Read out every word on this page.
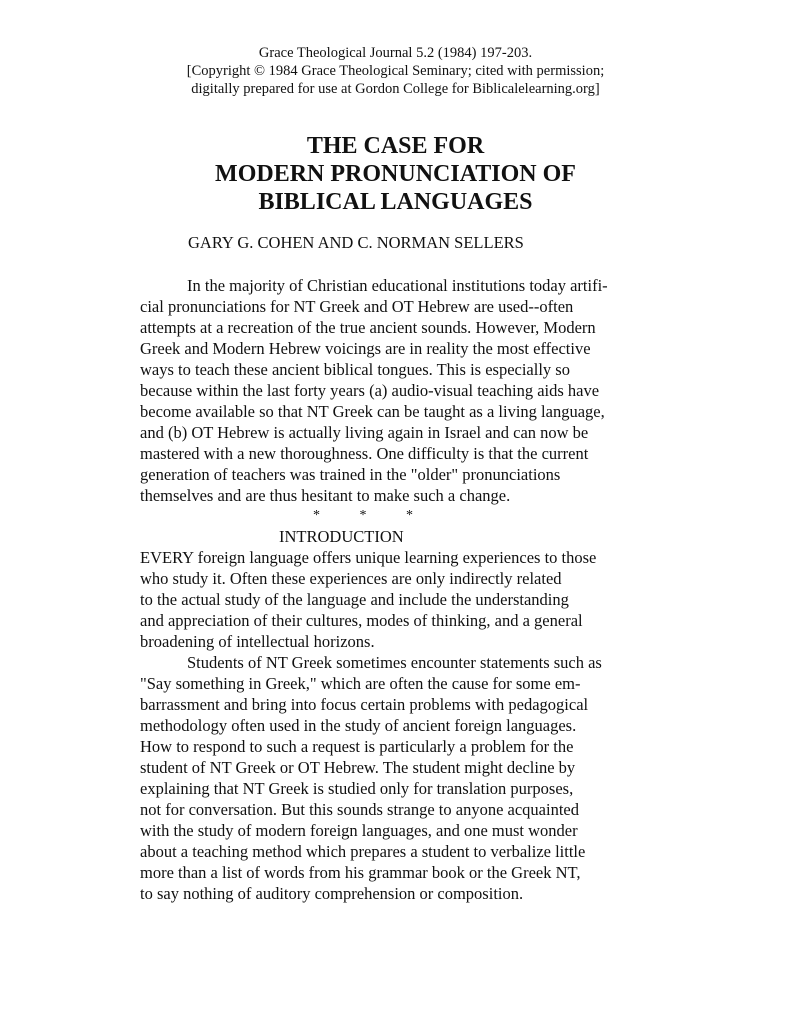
Grace Theological Journal 5.2 (1984) 197-203.
[Copyright © 1984 Grace Theological Seminary; cited with permission;
digitally prepared for use at Gordon College for Biblicalelearning.org]
THE CASE FOR
MODERN PRONUNCIATION OF
BIBLICAL LANGUAGES
GARY G. COHEN AND C. NORMAN SELLERS
In the majority of Christian educational institutions today artifi-
cial pronunciations for NT Greek and OT Hebrew are used--often
attempts at a recreation of the true ancient sounds. However, Modern
Greek and Modern Hebrew voicings are in reality the most effective
ways to teach these ancient biblical tongues. This is especially so
because within the last forty years (a) audio-visual teaching aids have
become available so that NT Greek can be taught as a living language,
and (b) OT Hebrew is actually living again in Israel and can now be
mastered with a new thoroughness. One difficulty is that the current
generation of teachers was trained in the "older" pronunciations
themselves and are thus hesitant to make such a change.
* * *
INTRODUCTION
EVERY foreign language offers unique learning experiences to those
who study it. Often these experiences are only indirectly related
to the actual study of the language and include the understanding
and appreciation of their cultures, modes of thinking, and a general
broadening of intellectual horizons.
Students of NT Greek sometimes encounter statements such as
"Say something in Greek," which are often the cause for some em-
barrassment and bring into focus certain problems with pedagogical
methodology often used in the study of ancient foreign languages.
How to respond to such a request is particularly a problem for the
student of NT Greek or OT Hebrew. The student might decline by
explaining that NT Greek is studied only for translation purposes,
not for conversation. But this sounds strange to anyone acquainted
with the study of modern foreign languages, and one must wonder
about a teaching method which prepares a student to verbalize little
more than a list of words from his grammar book or the Greek NT,
to say nothing of auditory comprehension or composition.
